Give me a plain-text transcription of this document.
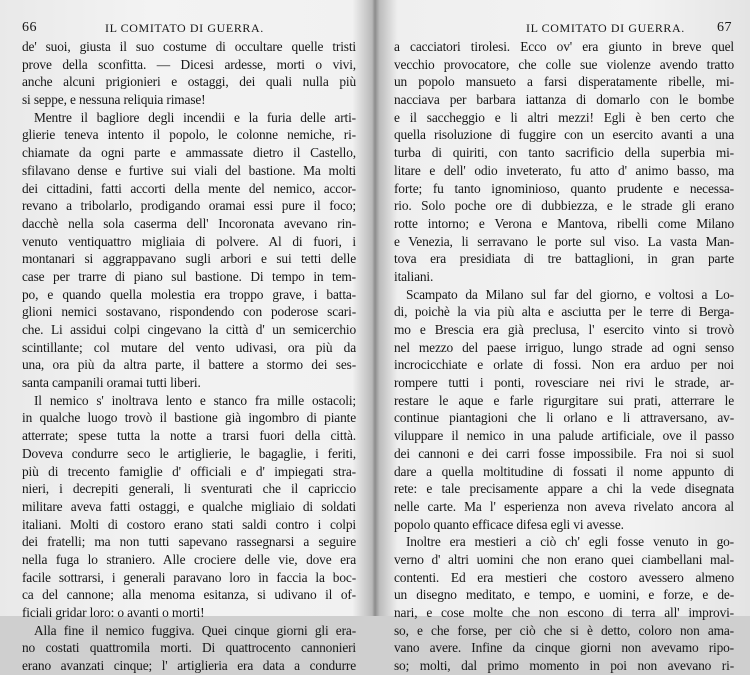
66	IL COMITATO DI GUERRA.
de' suoi, giusta il suo costume di occultare quelle tristi
prove della sconfitta. — Dicesi ardesse, morti o vivi,
anche alcuni prigionieri e ostaggi, dei quali nulla più
si seppe, e nessuna reliquia rimase!
Mentre il bagliore degli incendii e la furia delle arti-
glierie teneva intento il popolo, le colonne nemiche, ri-
chiamate da ogni parte e ammassate dietro il Castello,
sfilavano dense e furtive sui viali del bastione. Ma molti
dei cittadini, fatti accorti della mente del nemico, accor-
revano a tribolarlo, prodigando oramai essi pure il foco;
dacchè nella sola caserma dell' Incoronata avevano rin-
venuto ventiquattro migliaia di polvere. Al di fuori, i
montanari si aggrappavano sugli arbori e sui tetti delle
case per trarre di piano sul bastione. Di tempo in tem-
po, e quando quella molestia era troppo grave, i batta-
glioni nemici sostavano, rispondendo con poderose scari-
che. Li assidui colpi cingevano la città d' un semicerchio
scintillante; col mutare del vento udivasi, ora più da
una, ora più da altra parte, il battere a stormo dei ses-
santa campanili oramai tutti liberi.
Il nemico s' inoltrava lento e stanco fra mille ostacoli;
in qualche luogo trovò il bastione già ingombro di piante
atterrate; spese tutta la notte a trarsi fuori della città.
Doveva condurre seco le artiglierie, le bagaglie, i feriti,
più di trecento famiglie d' officiali e d' impiegati stra-
nieri, i decrepiti generali, li sventurati che il capriccio
militare aveva fatti ostaggi, e qualche migliaio di soldati
italiani. Molti di costoro erano stati saldi contro i colpi
dei fratelli; ma non tutti sapevano rassegnarsi a seguire
nella fuga lo straniero. Alle crociere delle vie, dove era
facile sottrarsi, i generali paravano loro in faccia la boc-
ca del cannone; alla menoma esitanza, si udivano il of-
ficiali gridar loro: o avanti o morti!
Alla fine il nemico fuggiva. Quei cinque giorni gli era-
no costati quattromila morti. Di quattrocento cannonieri
erano avanzati cinque; l' artiglieria era data a condurre
IL COMITATO DI GUERRA. 67
a cacciatori tirolesi. Ecco ov' era giunto in breve quel
vecchio provocatore, che colle sue violenze avendo tratto
un popolo mansueto a farsi disperatamente ribelle, mi-
nacciava per barbara iattanza di domarlo con le bombe
e il saccheggio e li altri mezzi! Egli è ben certo che
quella risoluzione di fuggire con un esercito avanti a una
turba di quiriti, con tanto sacrificio della superbia mi-
litare e dell' odio inveterato, fu atto d' animo basso, ma
forte; fu tanto ignominioso, quanto prudente e necessa-
rio. Solo poche ore di dubbiezza, e le strade gli erano
rotte intorno; e Verona e Mantova, ribelli come Milano
e Venezia, li serravano le porte sul viso. La vasta Man-
tova era presidiata di tre battaglioni, in gran parte
italiani.
Scampato da Milano sul far del giorno, e voltosi a Lo-
di, poichè la via più alta e asciutta per le terre di Berga-
mo e Brescia era già preclusa, l' esercito vinto si trovò
nel mezzo del paese irriguo, lungo strade ad ogni senso
incrocicchiate e orlate di fossi. Non era arduo per noi
rompere tutti i ponti, rovesciare nei rivi le strade, ar-
restare le aque e farle rigurgitare sui prati, atterrare le
continue piantagioni che li orlano e li attraversano, av-
viluppare il nemico in una palude artificiale, ove il passo
dei cannoni e dei carri fosse impossibile. Fra noi si suol
dare a quella moltitudine di fossati il nome appunto di
rete: e tale precisamente appare a chi la vede disegnata
nelle carte. Ma l' esperienza non aveva rivelato ancora al
popolo quanto efficace difesa egli vi avesse.
Inoltre era mestieri a ciò ch' egli fosse venuto in go-
verno d' altri uomini che non erano quei ciambellani mal-
contenti. Ed era mestieri che costoro avessero almeno
un disegno meditato, e tempo, e uomini, e forze, e de-
nari, e cose molte che non escono di terra all' improvi-
so, e che forse, per ciò che si è detto, coloro non ama-
vano avere. Infine da cinque giorni non avevamo ripo-
so; molti, dal primo momento in poi non avevano ri-
